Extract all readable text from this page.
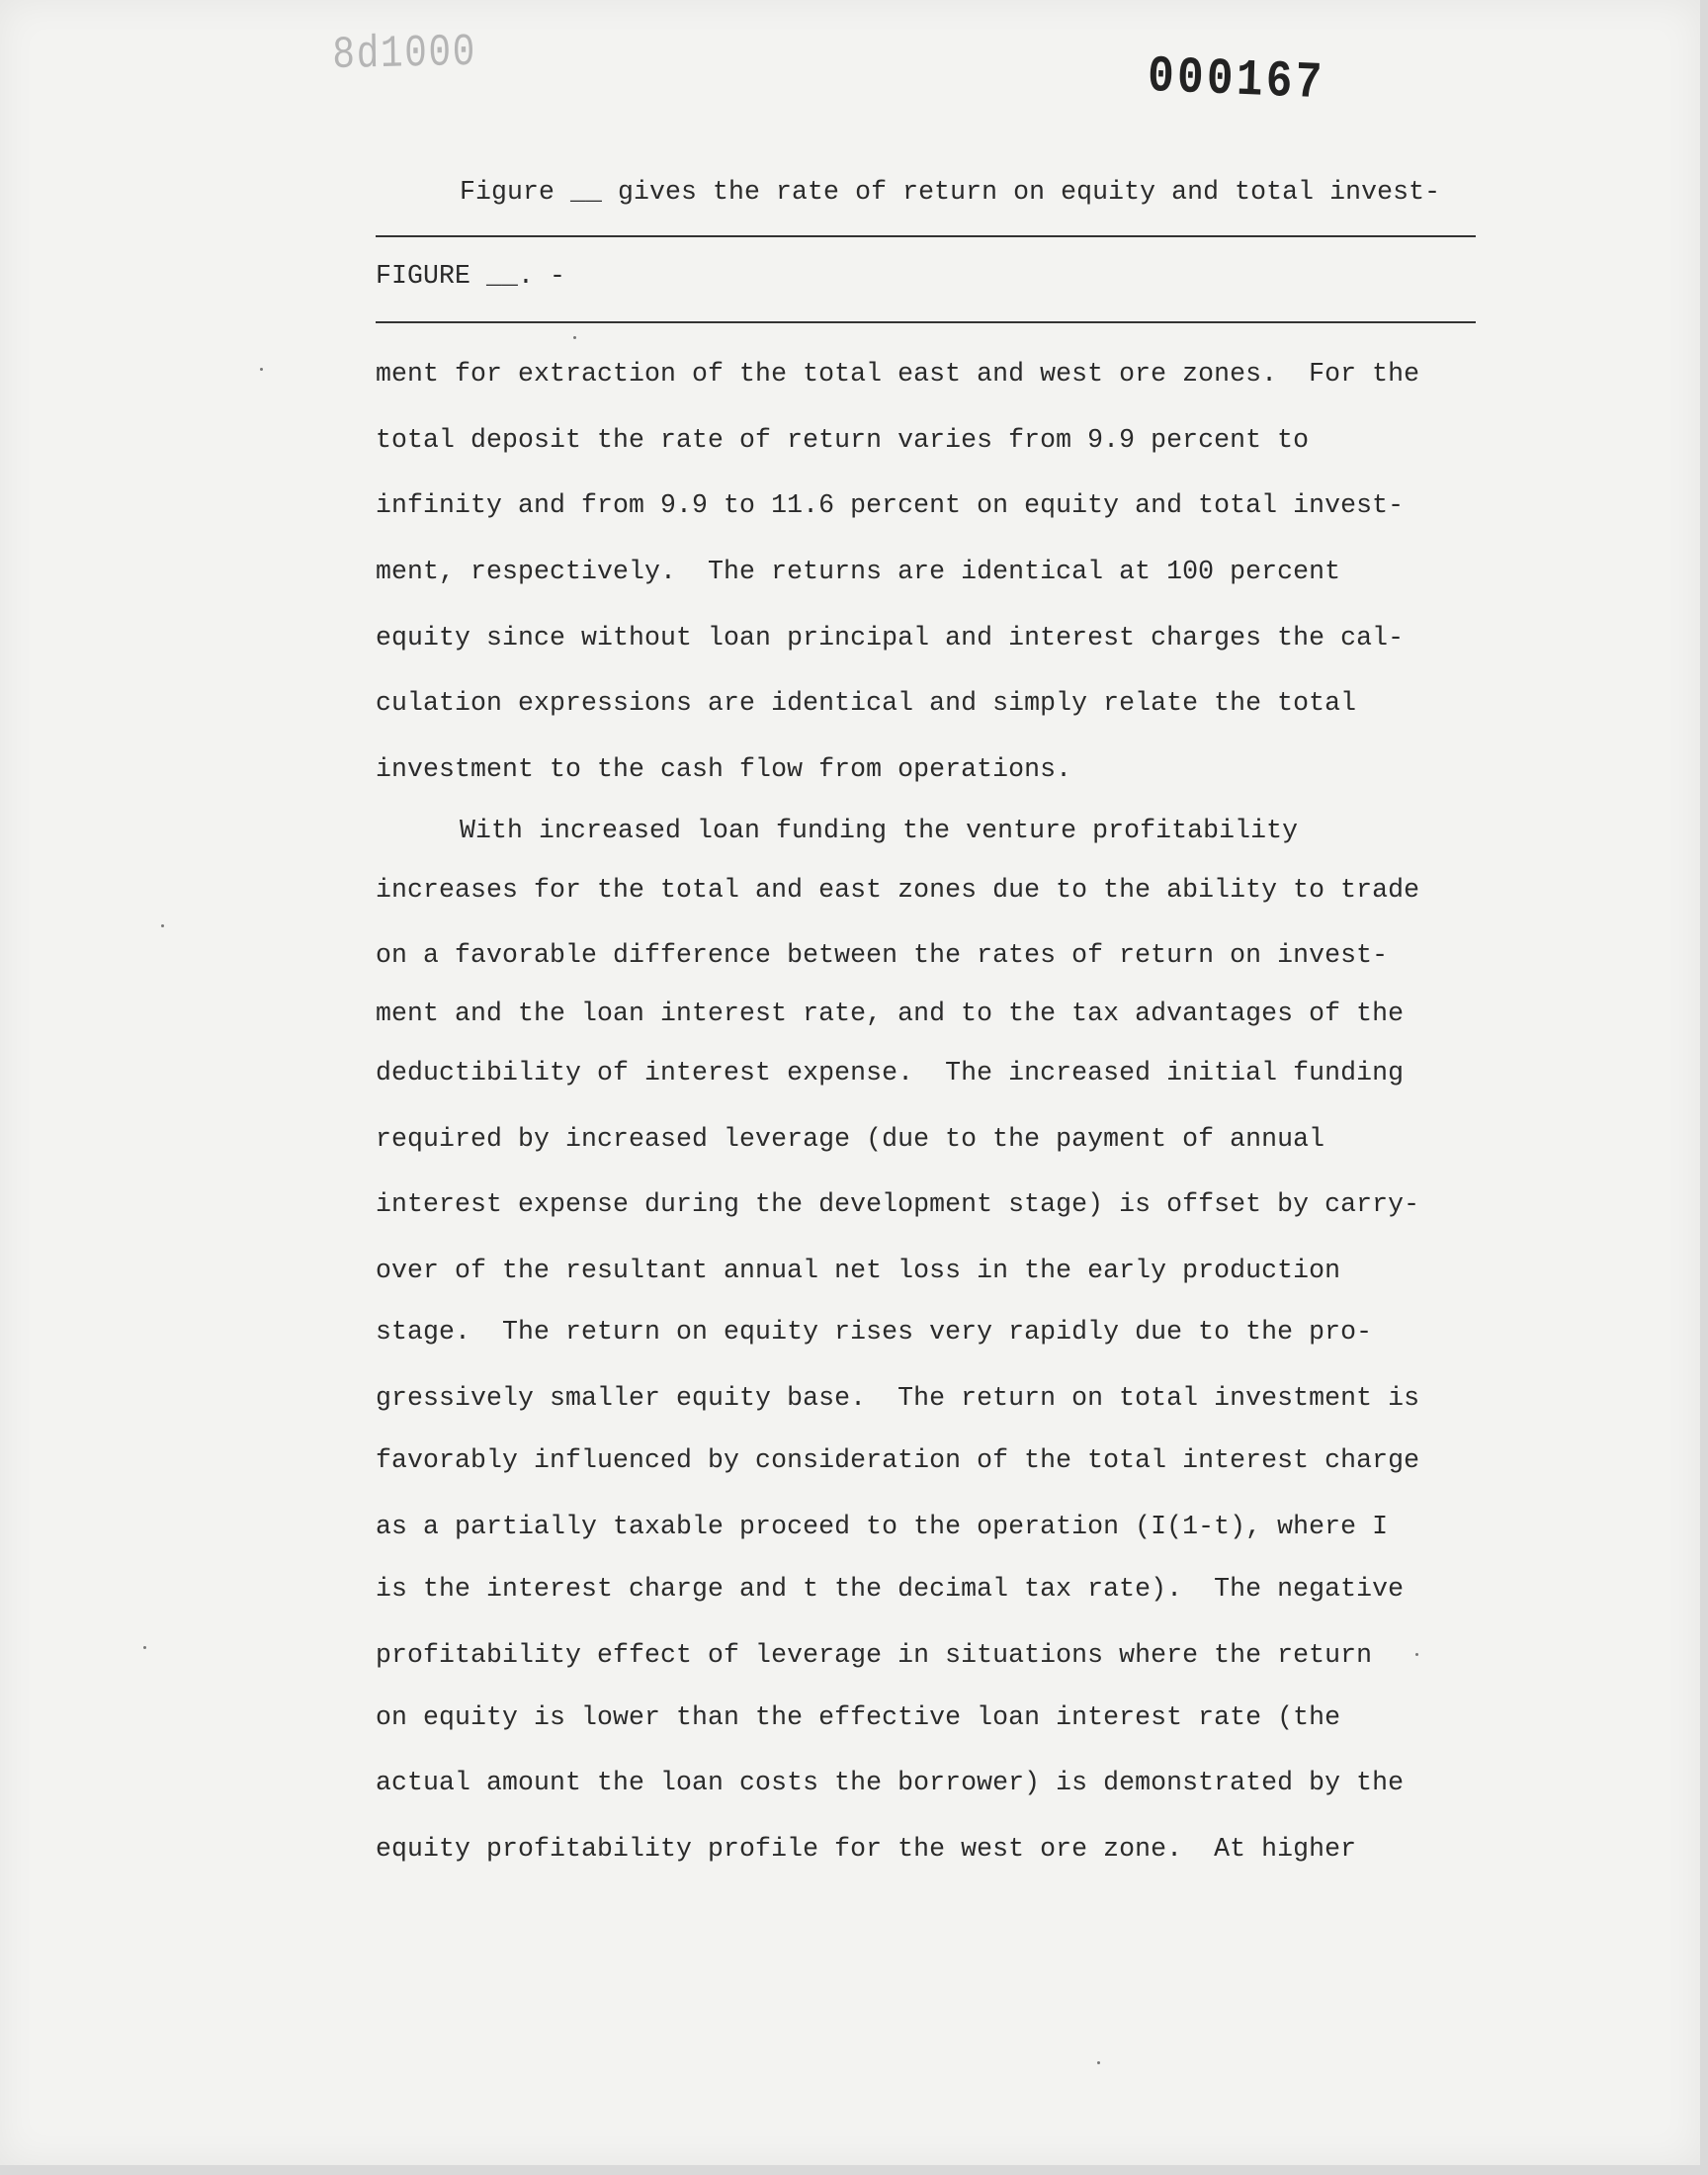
8d1000	000167
Figure __ gives the rate of return on equity and total invest-
FIGURE __. -
ment for extraction of the total east and west ore zones.  For the
total deposit the rate of return varies from 9.9 percent to
infinity and from 9.9 to 11.6 percent on equity and total invest-
ment, respectively.  The returns are identical at 100 percent
equity since without loan principal and interest charges the cal-
culation expressions are identical and simply relate the total
investment to the cash flow from operations.
With increased loan funding the venture profitability
increases for the total and east zones due to the ability to trade
on a favorable difference between the rates of return on invest-
ment and the loan interest rate, and to the tax advantages of the
deductibility of interest expense.  The increased initial funding
required by increased leverage (due to the payment of annual
interest expense during the development stage) is offset by carry-
over of the resultant annual net loss in the early production
stage.  The return on equity rises very rapidly due to the pro-
gressively smaller equity base.  The return on total investment is
favorably influenced by consideration of the total interest charge
as a partially taxable proceed to the operation (I(1-t), where I
is the interest charge and t the decimal tax rate).  The negative
profitability effect of leverage in situations where the return
on equity is lower than the effective loan interest rate (the
actual amount the loan costs the borrower) is demonstrated by the
equity profitability profile for the west ore zone.  At higher
